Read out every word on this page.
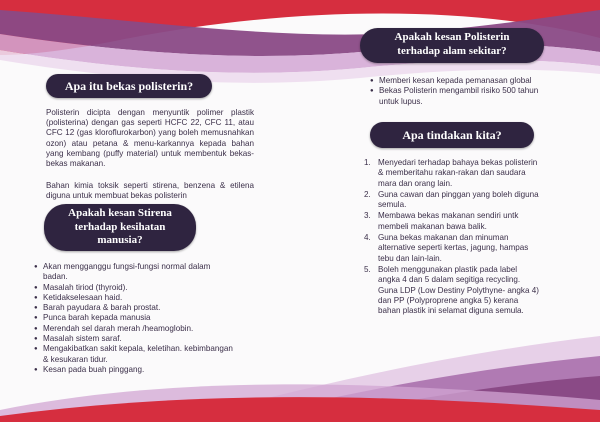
Apa itu bekas polisterin?

Polisterin dicipta dengan menyuntik polimer plastik (polisterina) dengan gas seperti HCFC 22, CFC 11, atau CFC 12 (gas kloroflurokarbon) yang boleh memusnahkan ozon) atau petana & menu-karkannya kepada bahan yang kembang (puffy material) untuk membentuk bekas-bekas makanan.

Bahan kimia toksik seperti stirena, benzena & etilena diguna untuk membuat bekas polisterin

Apakah kesan Stirena
terhadap kesihatan
manusia?
● Akan mengganggu fungsi-fungsi normal dalam badan.
● Masalah tiriod (thyroid).
● Ketidakselesaan haid.
● Barah payudara & barah prostat.
● Punca barah kepada manusia
● Merendah sel darah merah /heamoglobin.
● Masalah sistem saraf.
● Mengakibatkan sakit kepala, keletihan. kebimbangan & kesukaran tidur.
● Kesan pada buah pinggang.
Apakah kesan Polisterin
terhadap alam sekitar?
● Memberi kesan kepada pemanasan global
● Bekas Polisterin mengambil risiko 500 tahun untuk lupus.
Apa tindakan kita?
1. Menyedari terhadap bahaya bekas polisterin & memberitahu rakan-rakan dan saudara mara dan orang lain.
2. Guna cawan dan pinggan yang boleh diguna semula.
3. Membawa bekas makanan sendiri untk membeli makanan bawa balik.
4. Guna bekas makanan dan minuman alternative seperti kertas, jagung, hampas tebu dan lain-lain.
5. Boleh menggunakan plastik pada label angka 4 dan 5 dalam segitiga recycling. Guna LDP (Low Destiny Polythyne- angka 4) dan PP (Polyproprene angka 5) kerana bahan plastik ini selamat diguna semula.
